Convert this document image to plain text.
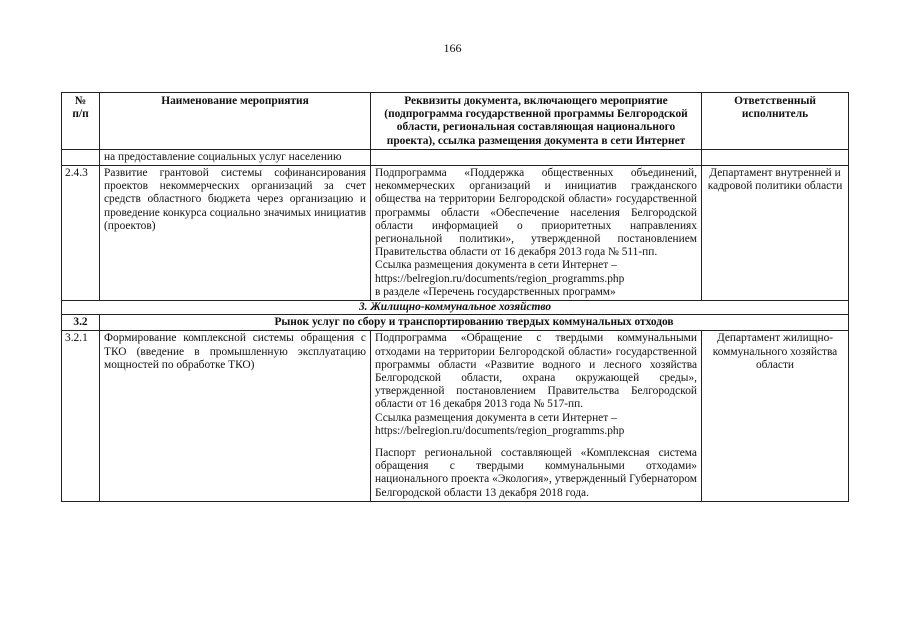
166
№
п/п	Наименование мероприятия	Реквизиты документа, включающего мероприятие (подпрограмма государственной программы Белгородской области, региональная составляющая национального проекта), ссылка размещения документа в сети Интернет	Ответственный исполнитель
	на предоставление социальных услуг населению		
2.4.3	Развитие грантовой системы софинансирования проектов некоммерческих организаций за счет средств областного бюджета через организацию и проведение конкурса социально значимых инициатив (проектов)	Подпрограмма «Поддержка общественных объединений, некоммерческих организаций и инициатив гражданского общества на территории Белгородской области» государственной программы области «Обеспечение населения Белгородской области информацией о приоритетных направлениях региональной политики», утвержденной постановлением Правительства области от 16 декабря 2013 года № 511-пп.

Ссылка размещения документа в сети Интернет –

https://belregion.ru/documents/region_programms.php

в разделе «Перечень государственных программ»	Департамент внутренней и кадровой политики области
3. Жилищно-коммунальное хозяйство			
3.2	Рынок услуг по сбору и транспортированию твердых коммунальных отходов		
3.2.1	Формирование комплексной системы обращения с ТКО (введение в промышленную эксплуатацию мощностей по обработке ТКО)	Подпрограмма «Обращение с твердыми коммунальными отходами на территории Белгородской области» государственной программы области «Развитие водного и лесного хозяйства Белгородской области, охрана окружающей среды», утвержденной постановлением Правительства Белгородской области от 16 декабря 2013 года № 517-пп.

Ссылка размещения документа в сети Интернет –

https://belregion.ru/documents/region_programms.php

Паспорт региональной составляющей «Комплексная система обращения с твердыми коммунальными отходами» национального проекта «Экология», утвержденный Губернатором Белгородской области 13 декабря 2018 года.	Департамент жилищно-коммунального хозяйства области
